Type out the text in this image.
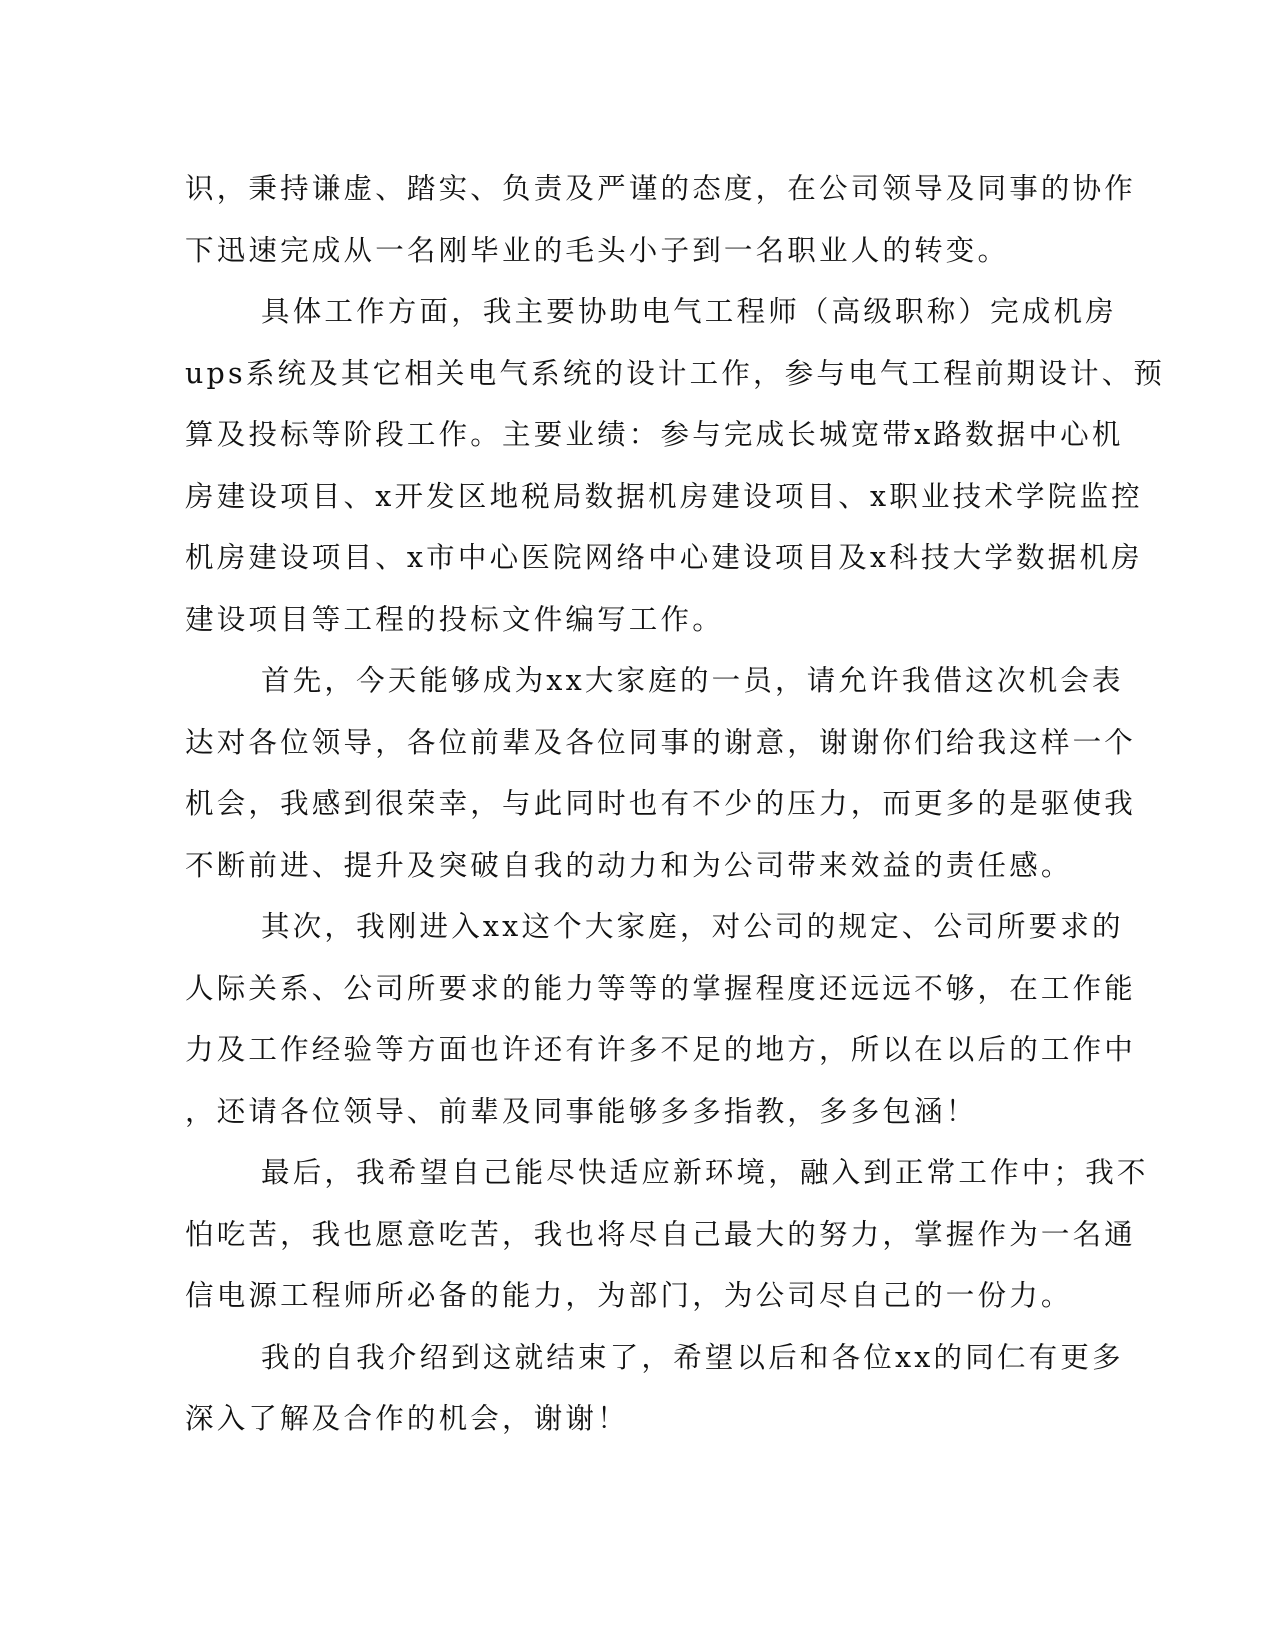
识，秉持谦虚、踏实、负责及严谨的态度，在公司领导及同事的协作
下迅速完成从一名刚毕业的毛头小子到一名职业人的转变。
具体工作方面，我主要协助电气工程师（高级职称）完成机房
ups系统及其它相关电气系统的设计工作，参与电气工程前期设计、预
算及投标等阶段工作。主要业绩：参与完成长城宽带x路数据中心机
房建设项目、x开发区地税局数据机房建设项目、x职业技术学院监控
机房建设项目、x市中心医院网络中心建设项目及x科技大学数据机房
建设项目等工程的投标文件编写工作。
首先，今天能够成为xx大家庭的一员，请允许我借这次机会表
达对各位领导，各位前辈及各位同事的谢意，谢谢你们给我这样一个
机会，我感到很荣幸，与此同时也有不少的压力，而更多的是驱使我
不断前进、提升及突破自我的动力和为公司带来效益的责任感。
其次，我刚进入xx这个大家庭，对公司的规定、公司所要求的
人际关系、公司所要求的能力等等的掌握程度还远远不够，在工作能
力及工作经验等方面也许还有许多不足的地方，所以在以后的工作中
，还请各位领导、前辈及同事能够多多指教，多多包涵！
最后，我希望自己能尽快适应新环境，融入到正常工作中；我不
怕吃苦，我也愿意吃苦，我也将尽自己最大的努力，掌握作为一名通
信电源工程师所必备的能力，为部门，为公司尽自己的一份力。
我的自我介绍到这就结束了，希望以后和各位xx的同仁有更多
深入了解及合作的机会，谢谢！
